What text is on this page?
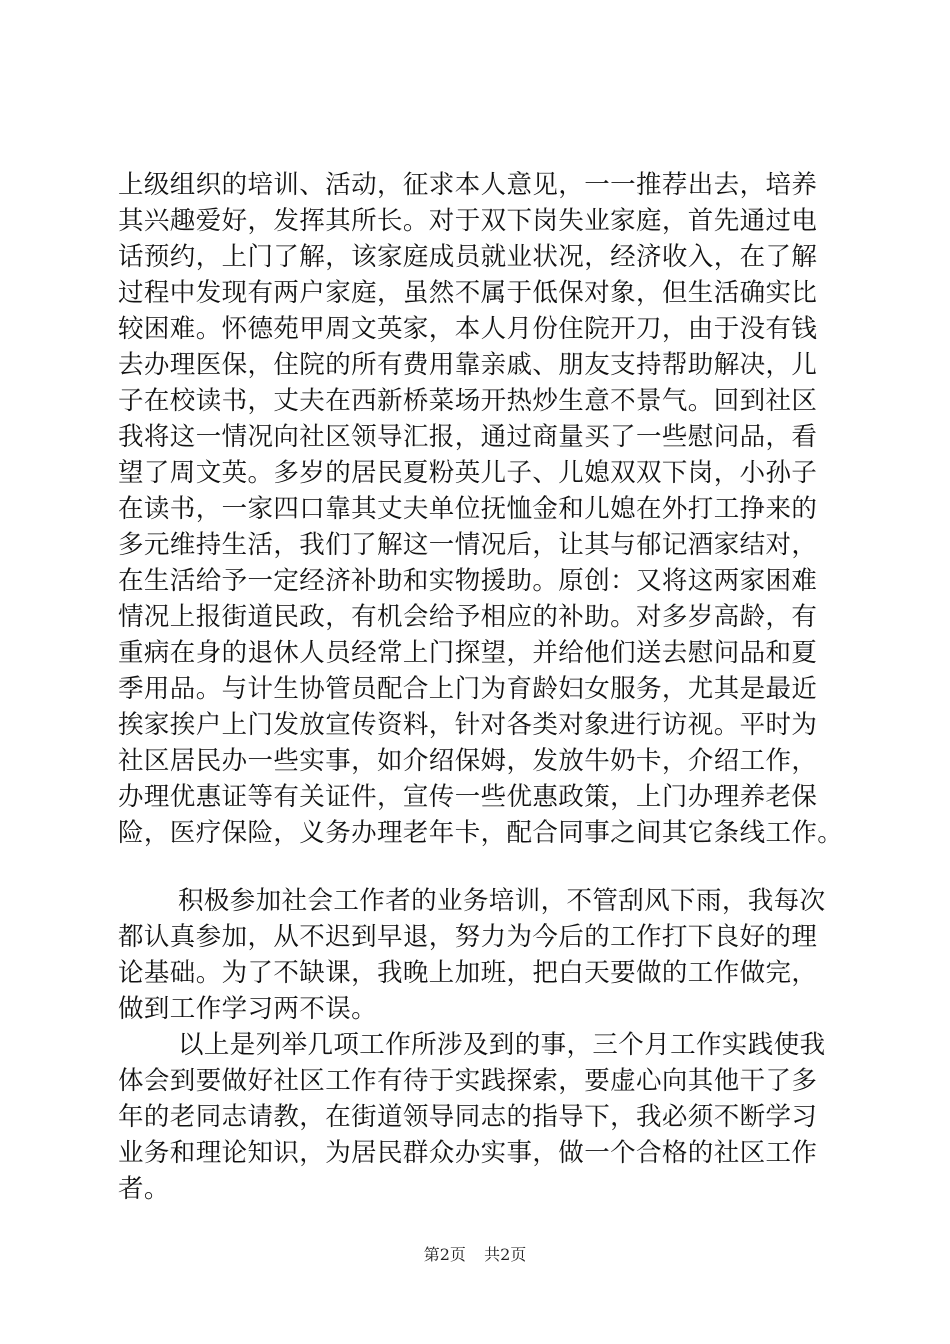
上级组织的培训、活动，征求本人意见，一一推荐出去，培养
其兴趣爱好，发挥其所长。对于双下岗失业家庭，首先通过电
话预约，上门了解，该家庭成员就业状况，经济收入，在了解
过程中发现有两户家庭，虽然不属于低保对象，但生活确实比
较困难。怀德苑甲周文英家，本人月份住院开刀，由于没有钱
去办理医保，住院的所有费用靠亲戚、朋友支持帮助解决，儿
子在校读书，丈夫在西新桥菜场开热炒生意不景气。回到社区
我将这一情况向社区领导汇报，通过商量买了一些慰问品，看
望了周文英。多岁的居民夏粉英儿子、儿媳双双下岗，小孙子
在读书，一家四口靠其丈夫单位抚恤金和儿媳在外打工挣来的
多元维持生活，我们了解这一情况后，让其与郁记酒家结对，
在生活给予一定经济补助和实物援助。原创：又将这两家困难
情况上报街道民政，有机会给予相应的补助。对多岁高龄，有
重病在身的退休人员经常上门探望，并给他们送去慰问品和夏
季用品。与计生协管员配合上门为育龄妇女服务，尤其是最近
挨家挨户上门发放宣传资料，针对各类对象进行访视。平时为
社区居民办一些实事，如介绍保姆，发放牛奶卡，介绍工作，
办理优惠证等有关证件，宣传一些优惠政策，上门办理养老保
险，医疗保险，义务办理老年卡，配合同事之间其它条线工作。
积极参加社会工作者的业务培训，不管刮风下雨，我每次
都认真参加，从不迟到早退，努力为今后的工作打下良好的理
论基础。为了不缺课，我晚上加班，把白天要做的工作做完，
做到工作学习两不误。
以上是列举几项工作所涉及到的事，三个月工作实践使我
体会到要做好社区工作有待于实践探索，要虚心向其他干了多
年的老同志请教，在街道领导同志的指导下，我必须不断学习
业务和理论知识，为居民群众办实事，做一个合格的社区工作
者。
第2页 共2页
